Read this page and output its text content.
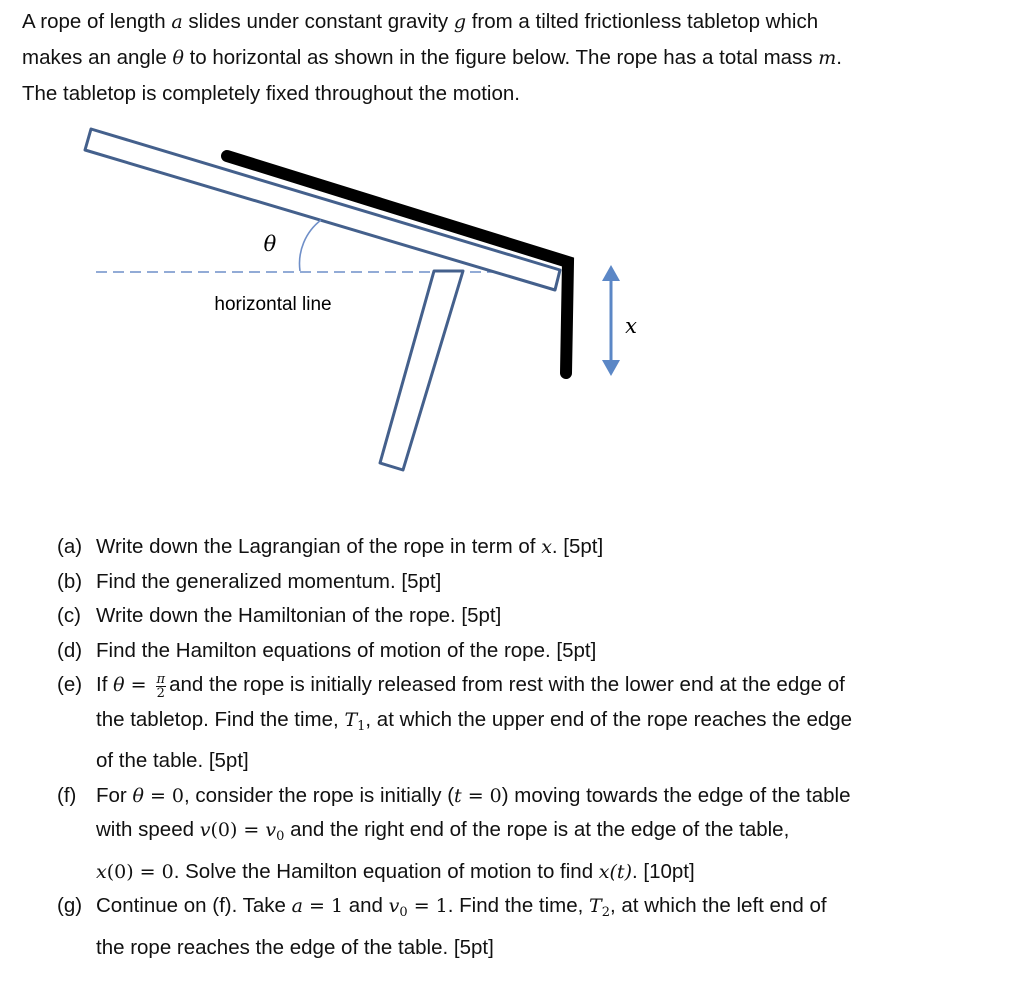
A rope of length a slides under constant gravity g from a tilted frictionless tabletop which
makes an angle θ to horizontal as shown in the figure below. The rope has a total mass m.
The tabletop is completely fixed throughout the motion.
θ
horizontal line
x
(a) Write down the Lagrangian of the rope in term of x. [5pt]
(b) Find the generalized momentum. [5pt]
(c) Write down the Hamiltonian of the rope. [5pt]
(d) Find the Hamilton equations of motion of the rope. [5pt]
(e) If $\theta = \frac{\pi}{2}$ and the rope is initially released from rest with the lower end at the edge of
the tabletop. Find the time, $T_1$, at which the upper end of the rope reaches the edge
of the table. [5pt]
(f) For θ = 0, consider the rope is initially (t = 0) moving towards the edge of the table
with speed $v(0) = v_0$ and the right end of the rope is at the edge of the table,
x(0) = 0. Solve the Hamilton equation of motion to find x(t). [10pt]
(g) Continue on (f). Take a = 1 and $v_0 = 1$. Find the time, $T_2$, at which the left end of
the rope reaches the edge of the table. [5pt]
